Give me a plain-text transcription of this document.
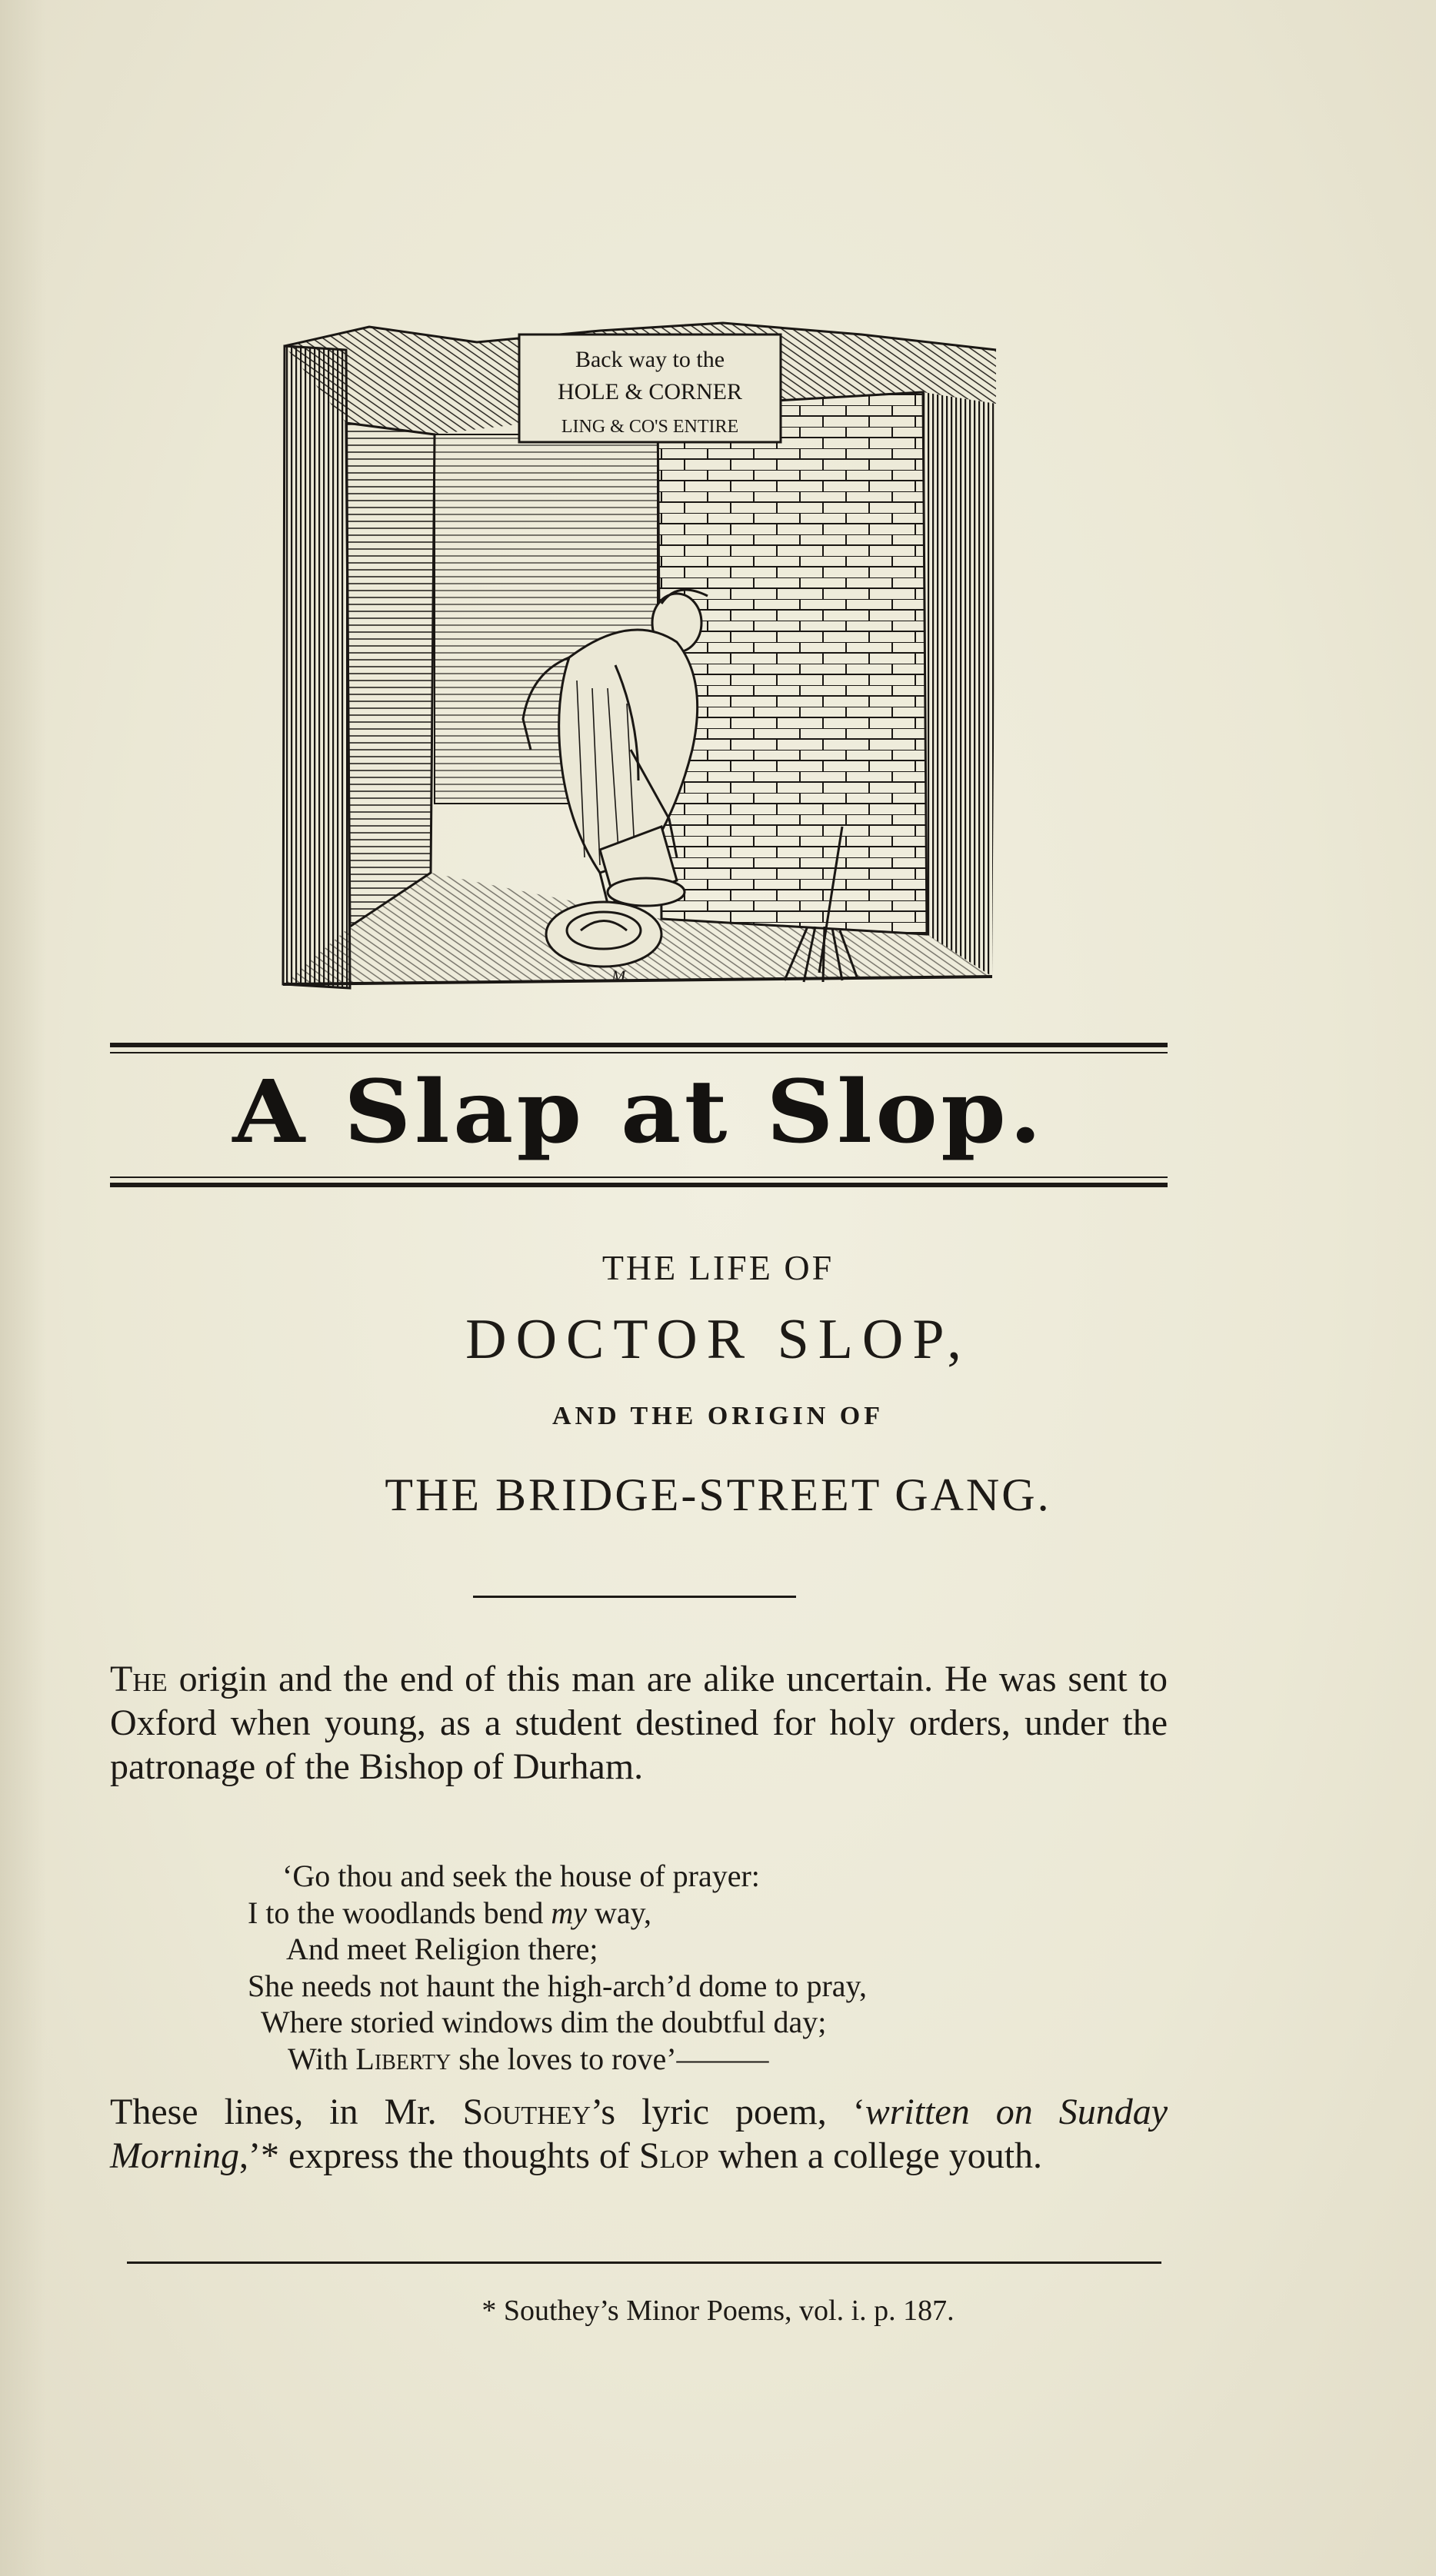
Back way to the
HOLE & CORNER
LING & CO'S ENTIRE
M
A Slap at Slop.
THE LIFE OF
DOCTOR SLOP,
AND THE ORIGIN OF
THE BRIDGE-STREET GANG.
The origin and the end of this man are alike uncertain. He was sent to Oxford when young, as a student destined for holy orders, under the patronage of the Bishop of Durham.
‘Go thou and seek the house of prayer:
I to the woodlands bend my way,
And meet Religion there;
She needs not haunt the high-arch’d dome to pray,
Where storied windows dim the doubtful day;
With Liberty she loves to rove’———
These lines, in Mr. Southey’s lyric poem, ‘written on Sunday Morning,’* express the thoughts of Slop when a college youth.
* Southey’s Minor Poems, vol. i. p. 187.
